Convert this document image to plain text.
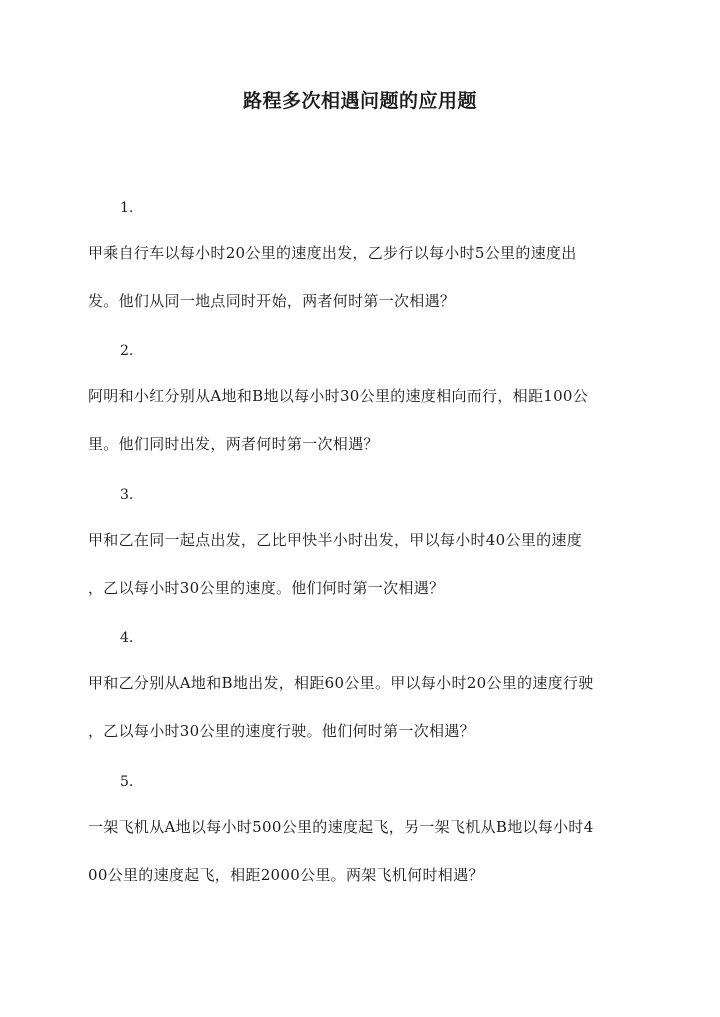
路程多次相遇问题的应用题
1.
甲乘自行车以每小时20公里的速度出发，乙步行以每小时5公里的速度出
发。他们从同一地点同时开始，两者何时第一次相遇？
2.
阿明和小红分别从A地和B地以每小时30公里的速度相向而行，相距100公
里。他们同时出发，两者何时第一次相遇？
3.
甲和乙在同一起点出发，乙比甲快半小时出发，甲以每小时40公里的速度
，乙以每小时30公里的速度。他们何时第一次相遇？
4.
甲和乙分别从A地和B地出发，相距60公里。甲以每小时20公里的速度行驶
，乙以每小时30公里的速度行驶。他们何时第一次相遇？
5.
一架飞机从A地以每小时500公里的速度起飞，另一架飞机从B地以每小时4
00公里的速度起飞，相距2000公里。两架飞机何时相遇？
